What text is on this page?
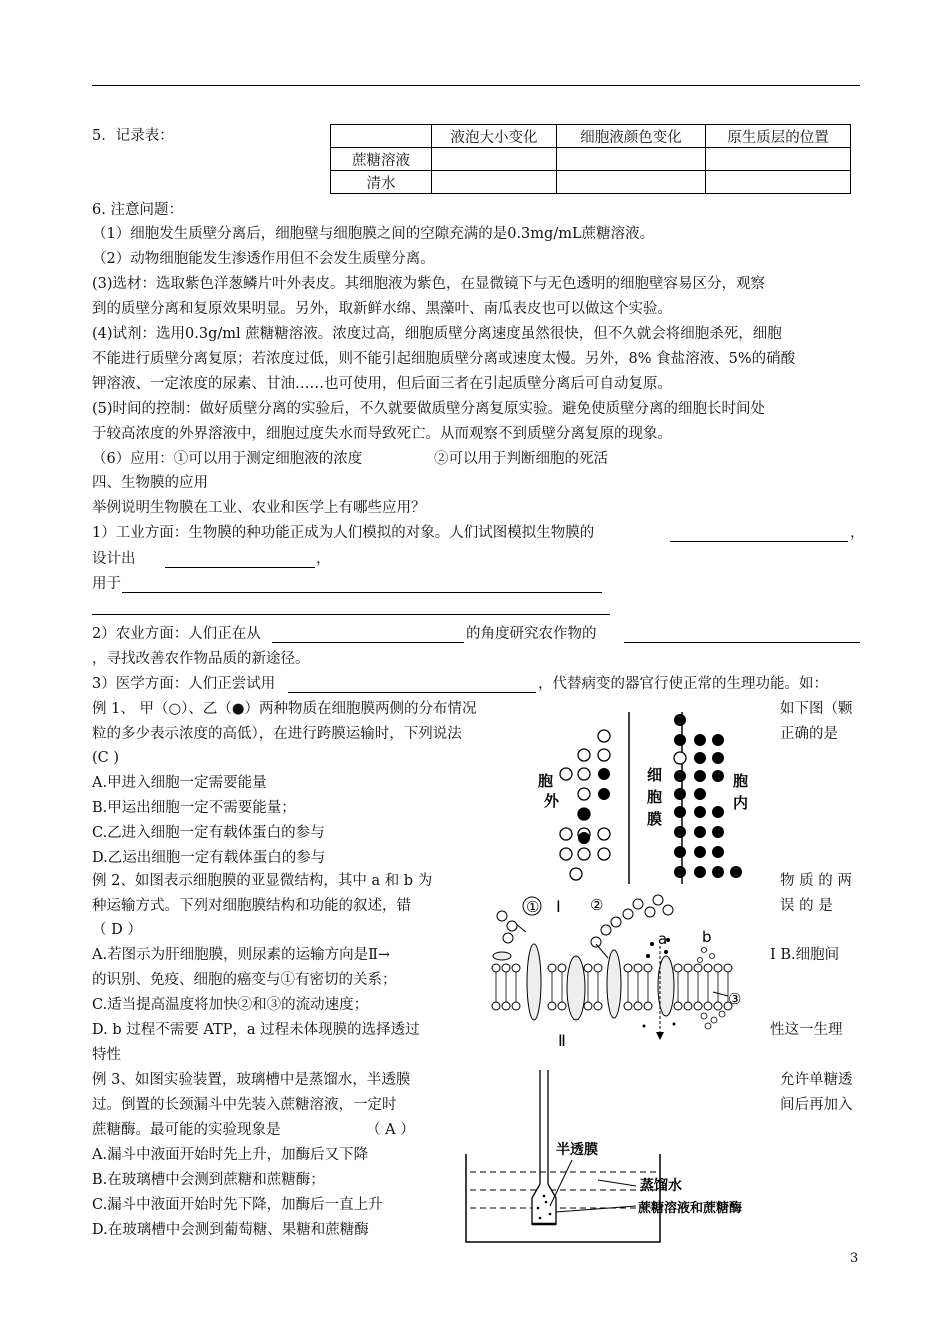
5．记录表：
		液泡大小变化	细胞液颜色变化	原生质层的位置
蔗糖溶液			
清水			
6. 注意问题：
（1）细胞发生质壁分离后，细胞壁与细胞膜之间的空隙充满的是0.3mg/mL蔗糖溶液。
（2）动物细胞能发生渗透作用但不会发生质壁分离。
(3)选材：选取紫色洋葱鳞片叶外表皮。其细胞液为紫色，在显微镜下与无色透明的细胞壁容易区分，观察
到的质壁分离和复原效果明显。另外，取新鲜水绵、黑藻叶、南瓜表皮也可以做这个实验。
(4)试剂：选用0.3g/ml 蔗糖糖溶液。浓度过高，细胞质壁分离速度虽然很快，但不久就会将细胞杀死，细胞
不能进行质壁分离复原；若浓度过低，则不能引起细胞质壁分离或速度太慢。另外，8% 食盐溶液、5%的硝酸
钾溶液、一定浓度的尿素、甘油……也可使用，但后面三者在引起质壁分离后可自动复原。
(5)时间的控制：做好质壁分离的实验后，不久就要做质壁分离复原实验。避免使质壁分离的细胞长时间处
于较高浓度的外界溶液中，细胞过度失水而导致死亡。从而观察不到质壁分离复原的现象。
（6）应用：①可以用于测定细胞液的浓度	②可以用于判断细胞的死活
四、生物膜的应用
举例说明生物膜在工业、农业和医学上有哪些应用？
1）工业方面：生物膜的种功能正成为人们模拟的对象。人们试图模拟生物膜的	，
设计出	，
用于
2）农业方面：人们正在从	的角度研究农作物的
，寻找改善农作物品质的新途径。
3）医学方面：人们正尝试用	，代替病变的器官行使正常的生理功能。如：
例 1、 甲（○）、乙（●）两种物质在细胞膜两侧的分布情况	如下图（颗
粒的多少表示浓度的高低），在进行跨膜运输时，下列说法	正确的是
(C )
A.甲进入细胞一定需要能量
B.甲运出细胞一定不需要能量；
C.乙进入细胞一定有载体蛋白的参与
D.乙运出细胞一定有载体蛋白的参与
胞
外
细
胞
膜
胞
内
例 2、如图表示细胞膜的亚显微结构，其中 a 和 b 为	物 质 的 两
种运输方式。下列对细胞膜结构和功能的叙述，错	误 的 是
（ D ）
A.若图示为肝细胞膜，则尿素的运输方向是Ⅱ→	Ⅰ B.细胞间
的识别、免疫、细胞的癌变与①有密切的关系；
C.适当提高温度将加快②和③的流动速度；
D. b 过程不需要 ATP，a 过程未体现膜的选择透过	性这一生理
特性
① I ②
a b
③
Ⅱ
例 3、如图实验装置，玻璃槽中是蒸馏水，半透膜	允许单糖透
过。倒置的长颈漏斗中先装入蔗糖溶液，一定时	间后再加入
蔗糖酶。最可能的实验现象是	（ A ）
A.漏斗中液面开始时先上升，加酶后又下降
B.在玻璃槽中会测到蔗糖和蔗糖酶；
C.漏斗中液面开始时先下降，加酶后一直上升
D.在玻璃槽中会测到葡萄糖、果糖和蔗糖酶
半透膜
蒸馏水
蔗糖溶液和蔗糖酶
3
